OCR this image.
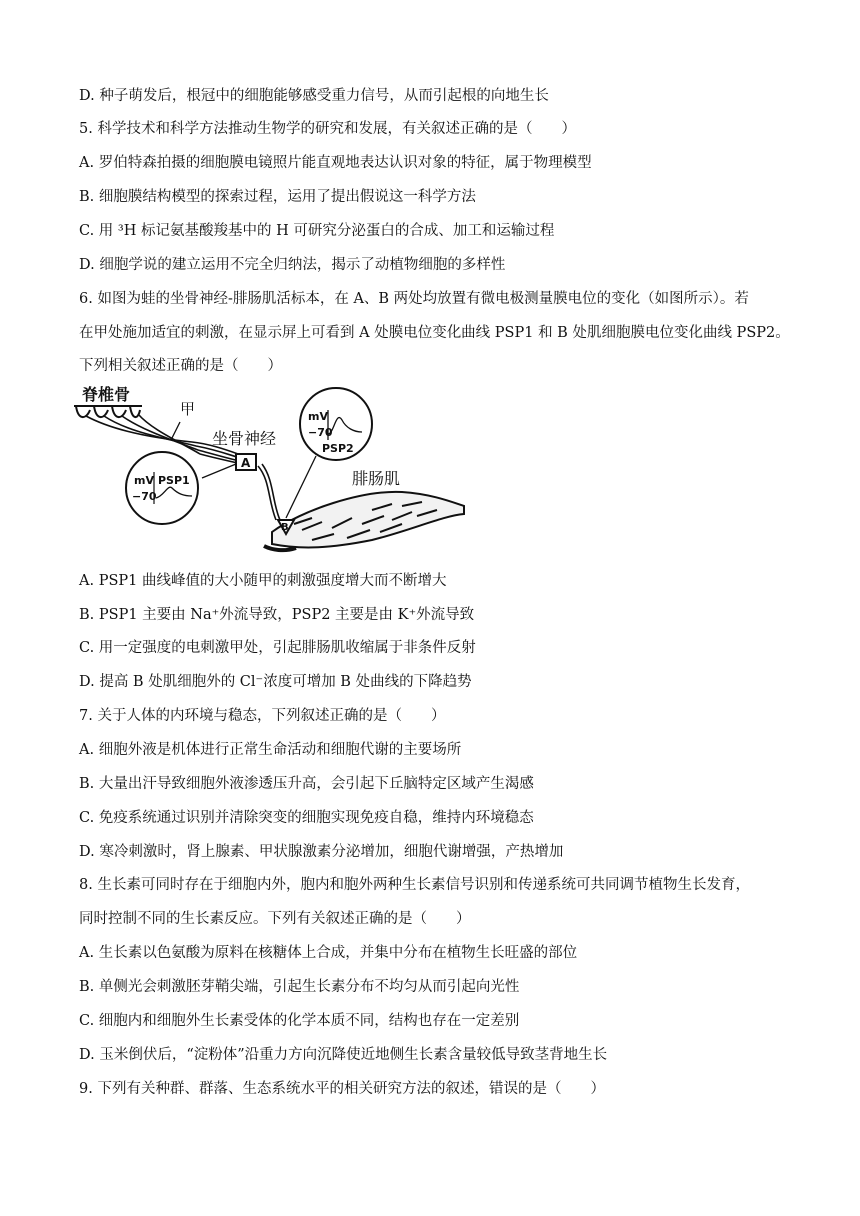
D. 种子萌发后，根冠中的细胞能够感受重力信号，从而引起根的向地生长
5. 科学技术和科学方法推动生物学的研究和发展，有关叙述正确的是（　　）
A. 罗伯特森拍摄的细胞膜电镜照片能直观地表达认识对象的特征，属于物理模型
B. 细胞膜结构模型的探索过程，运用了提出假说这一科学方法
C. 用 ³H 标记氨基酸羧基中的 H 可研究分泌蛋白的合成、加工和运输过程
D. 细胞学说的建立运用不完全归纳法，揭示了动植物细胞的多样性
6. 如图为蛙的坐骨神经-腓肠肌活标本，在 A、B 两处均放置有微电极测量膜电位的变化（如图所示）。若
在甲处施加适宜的刺激，在显示屏上可看到 A 处膜电位变化曲线 PSP1 和 B 处肌细胞膜电位变化曲线 PSP2。
下列相关叙述正确的是（　　）
脊椎骨
甲
坐骨神经
A
mV
−70
PSP1
mV
−70
PSP2
腓肠肌
B
A. PSP1 曲线峰值的大小随甲的刺激强度增大而不断增大
B. PSP1 主要由 Na⁺外流导致，PSP2 主要是由 K⁺外流导致
C. 用一定强度的电刺激甲处，引起腓肠肌收缩属于非条件反射
D. 提高 B 处肌细胞外的 Cl⁻浓度可增加 B 处曲线的下降趋势
7. 关于人体的内环境与稳态，下列叙述正确的是（　　）
A. 细胞外液是机体进行正常生命活动和细胞代谢的主要场所
B. 大量出汗导致细胞外液渗透压升高，会引起下丘脑特定区域产生渴感
C. 免疫系统通过识别并清除突变的细胞实现免疫自稳，维持内环境稳态
D. 寒冷刺激时，肾上腺素、甲状腺激素分泌增加，细胞代谢增强，产热增加
8. 生长素可同时存在于细胞内外，胞内和胞外两种生长素信号识别和传递系统可共同调节植物生长发育，
同时控制不同的生长素反应。下列有关叙述正确的是（　　）
A. 生长素以色氨酸为原料在核糖体上合成，并集中分布在植物生长旺盛的部位
B. 单侧光会刺激胚芽鞘尖端，引起生长素分布不均匀从而引起向光性
C. 细胞内和细胞外生长素受体的化学本质不同，结构也存在一定差别
D. 玉米倒伏后，“淀粉体”沿重力方向沉降使近地侧生长素含量较低导致茎背地生长
9. 下列有关种群、群落、生态系统水平的相关研究方法的叙述，错误的是（　　）
